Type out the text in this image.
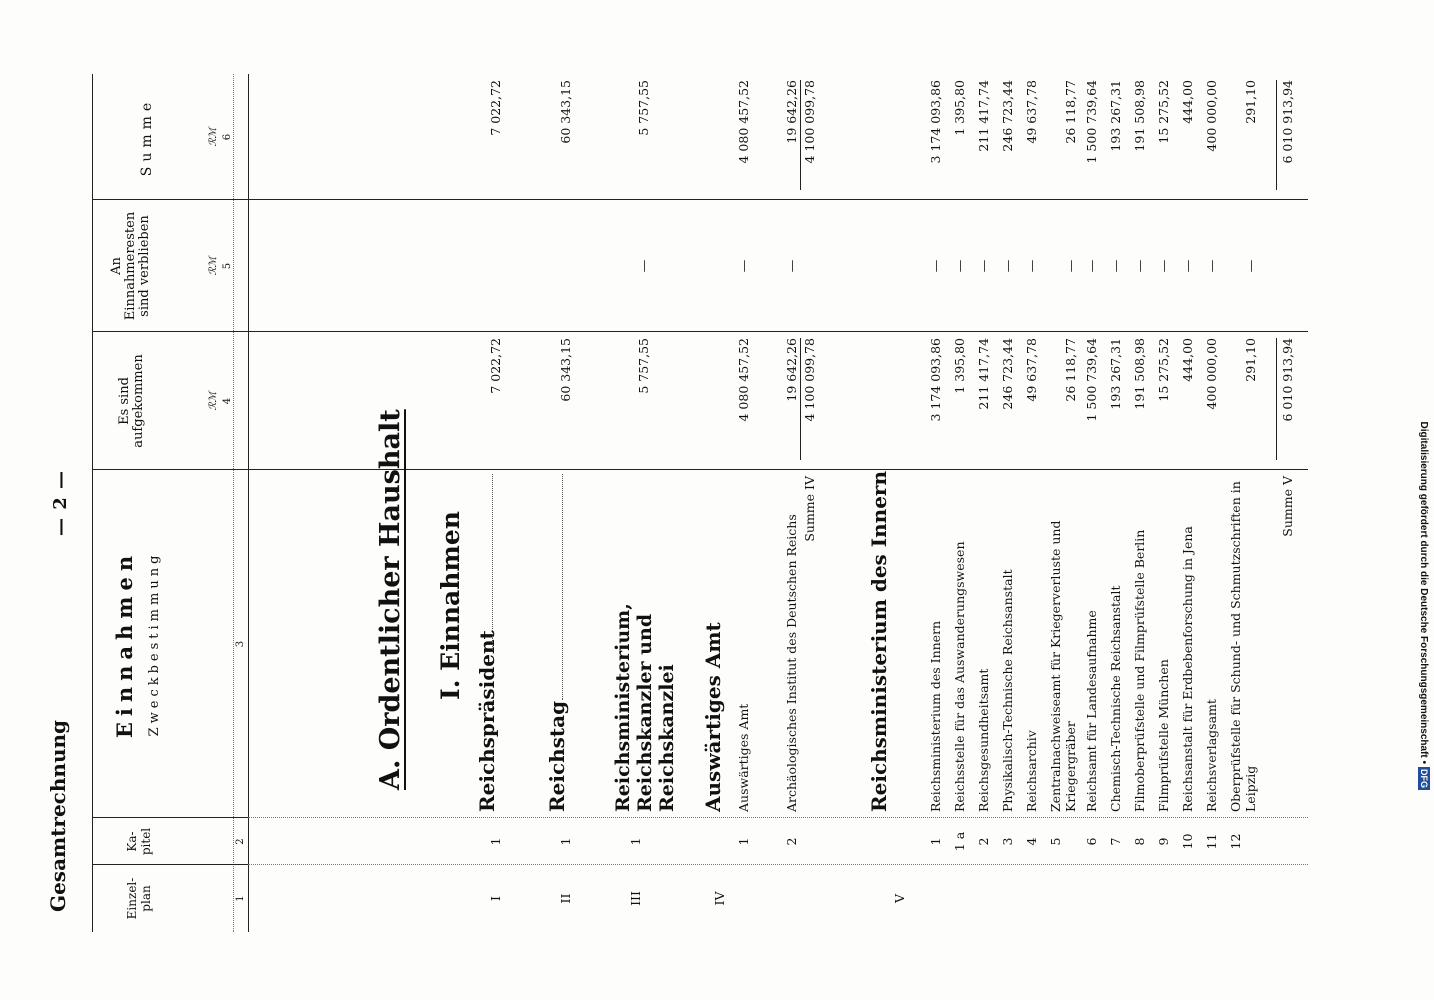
Gesamtrechnung
— 2 —
Einzel-
plan
Ka-
pitel
Einnahmen Zweckbestimmung
Es sind
aufgekommen
An
Einnahmeresten
sind verblieben
Summe
ℛℳ
ℛℳ
ℛℳ
1
2
3
4
5
6
A. Ordentlicher Haushalt I. Einnahmen
I
1
Reichspräsident
7 022,72
7 022,72
II
1
Reichstag
60 343,15
60 343,15
III
1
Reichsministerium, Reichskanzler und Reichskanzlei
5 757,55
5 757,55
—
IV
Auswärtiges Amt
1
Auswärtiges Amt
4 080 457,52
—
4 080 457,52
2
Archäologisches Institut des Deutschen Reichs
19 642,26
—
19 642,26
Summe IV
4 100 099,78
4 100 099,78
V
Reichsministerium des Innern
1
Reichsministerium des Innern
3 174 093,86
—
3 174 093,86
1 a
Reichsstelle für das Auswanderungswesen
1 395,80
—
1 395,80
2
Reichsgesundheitsamt
211 417,74
—
211 417,74
3
Physikalisch-Technische Reichsanstalt
246 723,44
—
246 723,44
4
Reichsarchiv
49 637,78
—
49 637,78
5
Zentralnachweiseamt für Kriegerverluste und Kriegergräber
26 118,77
—
26 118,77
6
Reichsamt für Landesaufnahme
1 500 739,64
—
1 500 739,64
7
Chemisch-Technische Reichsanstalt
193 267,31
—
193 267,31
8
Filmoberprüfstelle und Filmprüfstelle Berlin
191 508,98
—
191 508,98
9
Filmprüfstelle München
15 275,52
—
15 275,52
10
Reichsanstalt für Erdbebenforschung in Jena
444,00
—
444,00
11
Reichsverlagsamt
400 000,00
—
400 000,00
12
Oberprüfstelle für Schund- und Schmutzschriften in Leipzig
291,10
—
291,10
Summe V
6 010 913,94
6 010 913,94
Digitalisierung gefördert durch die Deutsche Forschungsgemeinschaft •DFG
